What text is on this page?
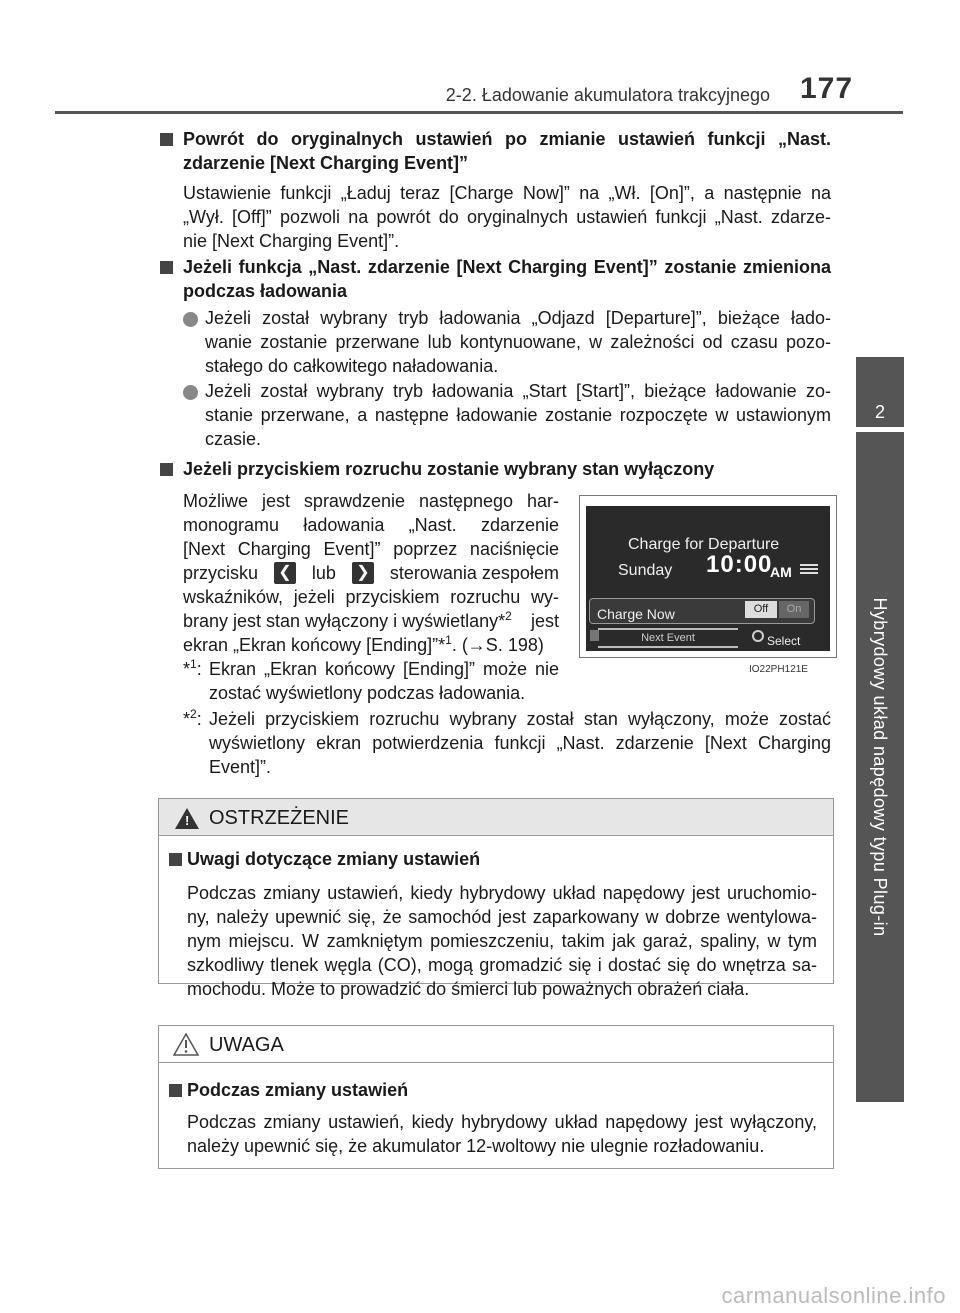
2-2. Ładowanie akumulatora trakcyjnego 177
2
Hybrydowy układ napędowy typu Plug-in
Powrót do oryginalnych ustawień po zmianie ustawień funkcji „Nast.
zdarzenie [Next Charging Event]”
Ustawienie funkcji „Ładuj teraz [Charge Now]” na „Wł. [On]”, a następnie na
„Wył. [Off]” pozwoli na powrót do oryginalnych ustawień funkcji „Nast. zdarze-
nie [Next Charging Event]”.
Jeżeli funkcja „Nast. zdarzenie [Next Charging Event]” zostanie zmieniona
podczas ładowania
Jeżeli został wybrany tryb ładowania „Odjazd [Departure]”, bieżące łado-
wanie zostanie przerwane lub kontynuowane, w zależności od czasu pozo-
stałego do całkowitego naładowania.
Jeżeli został wybrany tryb ładowania „Start [Start]”, bieżące ładowanie zo-
stanie przerwane, a następne ładowanie zostanie rozpoczęte w ustawionym
czasie.
Jeżeli przyciskiem rozruchu zostanie wybrany stan wyłączony
Możliwe jest sprawdzenie następnego har-
monogramu ładowania „Nast. zdarzenie
[Next Charging Event]” poprzez naciśnięcie
przycisku ❮ lub ❯ sterowania zespołem
wskaźników, jeżeli przyciskiem rozruchu wy-
brany jest stan wyłączony i wyświetlany*$^2$ jest
ekran „Ekran końcowy [Ending]”*$^1$. (→S. 198)
*$^1$: Ekran „Ekran końcowy [Ending]” może nie
zostać wyświetlony podczas ładowania.
*$^2$: Jeżeli przyciskiem rozruchu wybrany został stan wyłączony, może zostać
wyświetlony ekran potwierdzenia funkcji „Nast. zdarzenie [Next Charging
Event]”.
Charge for Departure
Sunday 10:00
AM
Charge Now	Off	On
Next Event	Select
IO22PH121E
! OSTRZEŻENIE
Uwagi dotyczące zmiany ustawień
Podczas zmiany ustawień, kiedy hybrydowy układ napędowy jest uruchomio-
ny, należy upewnić się, że samochód jest zaparkowany w dobrze wentylowa-
nym miejscu. W zamkniętym pomieszczeniu, takim jak garaż, spaliny, w tym
szkodliwy tlenek węgla (CO), mogą gromadzić się i dostać się do wnętrza sa-
mochodu. Może to prowadzić do śmierci lub poważnych obrażeń ciała.
UWAGA
Podczas zmiany ustawień
Podczas zmiany ustawień, kiedy hybrydowy układ napędowy jest wyłączony,
należy upewnić się, że akumulator 12-woltowy nie ulegnie rozładowaniu.
carmanualsonline.info
